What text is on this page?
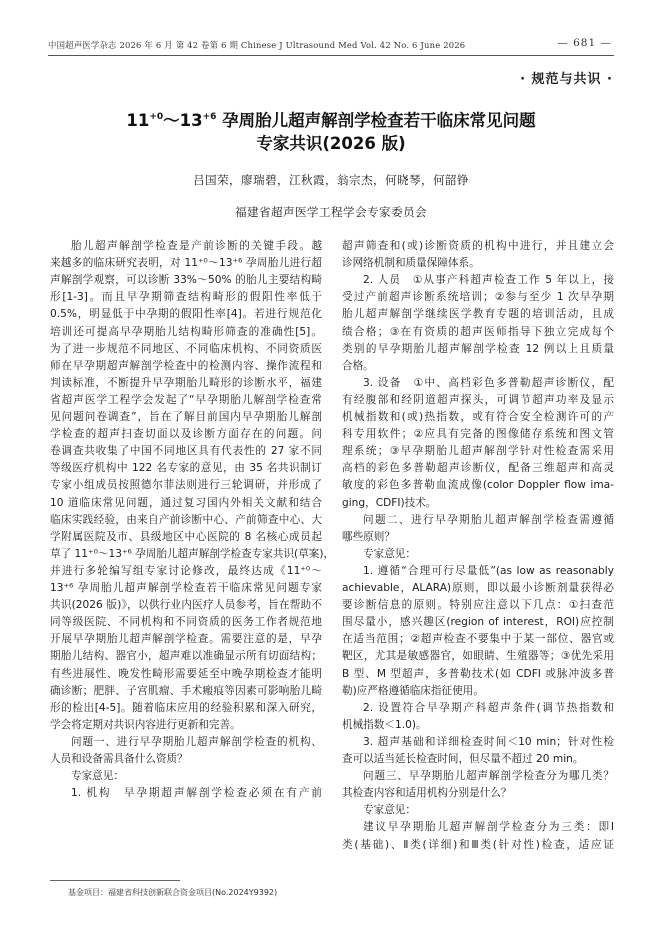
中国超声医学杂志 2026 年 6 月 第 42 卷第 6 期 Chinese J Ultrasound Med Vol. 42 No. 6 June 2026	— 681 —
· 规范与共识 ·
$11^{+0}\sim 13^{+6}$ 孕周胎儿超声解剖学检查若干临床常见问题
专家共识(2026 版)
吕国荣，廖瑞碧，江秋霞，翁宗杰，何晓琴，何韶铮
福建省超声医学工程学会专家委员会
胎儿超声解剖学检查是产前诊断的关键手段。越
来越多的临床研究表明，对 11⁺⁰～13⁺⁶ 孕周胎儿进行超
声解剖学观察，可以诊断 33%～50% 的胎儿主要结构畸
形[1-3]。而且早孕期筛查结构畸形的假阳性率低于
0.5%，明显低于中孕期的假阳性率[4]。若进行规范化
培训还可提高早孕期胎儿结构畸形筛查的准确性[5]。
为了进一步规范不同地区、不同临床机构、不同资质医
师在早孕期超声解剖学检查中的检测内容、操作流程和
判读标准，不断提升早孕期胎儿畸形的诊断水平，福建
省超声医学工程学会发起了“早孕期胎儿解剖学检查常
见问题问卷调查”，旨在了解目前国内早孕期胎儿解剖
学检查的超声扫查切面以及诊断方面存在的问题。问
卷调查共收集了中国不同地区具有代表性的 27 家不同
等级医疗机构中 122 名专家的意见，由 35 名共识制订
专家小组成员按照德尔菲法则进行三轮调研，并形成了
10 道临床常见问题，通过复习国内外相关文献和结合
临床实践经验，由来自产前诊断中心、产前筛查中心、大
学附属医院及市、县级地区中心医院的 8 名核心成员起
草了 11⁺⁰～13⁺⁶ 孕周胎儿超声解剖学检查专家共识(草案)，
并进行多轮编写组专家讨论修改，最终达成《11⁺⁰～
13⁺⁶ 孕周胎儿超声解剖学检查若干临床常见问题专家
共识(2026 版)》，以供行业内医疗人员参考，旨在帮助不
同等级医院、不同机构和不同资质的医务工作者规范地
开展早孕期胎儿超声解剖学检查。需要注意的是，早孕
期胎儿结构、器官小，超声难以准确显示所有切面结构；
有些进展性、晚发性畸形需要延至中晚孕期检查才能明
确诊断；肥胖、子宫肌瘤、手术瘢痕等因素可影响胎儿畸
形的检出[4-5]。随着临床应用的经验积累和深入研究，
学会将定期对共识内容进行更新和完善。
问题一、进行早孕期胎儿超声解剖学检查的机构、
人员和设备需具备什么资质？
专家意见：
1. 机构　早孕期超声解剖学检查必须在有产前
超声筛查和(或)诊断资质的机构中进行，并且建立会
诊网络机制和质量保障体系。
2. 人员　①从事产科超声检查工作 5 年以上，接
受过产前超声诊断系统培训；②参与至少 1 次早孕期
胎儿超声解剖学继续医学教育专题的培训活动，且成
绩合格；③在有资质的超声医师指导下独立完成每个
类别的早孕期胎儿超声解剖学检查 12 例以上且质量
合格。
3. 设备　①中、高档彩色多普勒超声诊断仪，配
有经腹部和经阴道超声探头，可调节超声功率及显示
机械指数和(或)热指数，或有符合安全检测许可的产
科专用软件；②应具有完备的图像储存系统和图文管
理系统；③早孕期胎儿超声解剖学针对性检查需采用
高档的彩色多普勒超声诊断仪，配备三维超声和高灵
敏度的彩色多普勒血流成像(color Doppler flow ima-
ging，CDFI)技术。
问题二、进行早孕期胎儿超声解剖学检查需遵循
哪些原则？
专家意见：
1. 遵循“合理可行尽量低”(as low as reasonably
achievable，ALARA)原则，即以最小诊断剂量获得必
要诊断信息的原则。特别应注意以下几点：①扫查范
围尽量小，感兴趣区(region of interest，ROI)应控制
在适当范围；②超声检查不要集中于某一部位、器官或
靶区，尤其是敏感器官，如眼睛、生殖器等；③优先采用
B 型、M 型超声，多普勒技术(如 CDFI 或脉冲波多普
勒)应严格遵循临床指征使用。
2. 设置符合早孕期产科超声条件(调节热指数和
机械指数＜1.0)。
3. 超声基础和详细检查时间＜10 min；针对性检
查可以适当延长检查时间，但尽量不超过 20 min。
问题三、早孕期胎儿超声解剖学检查分为哪几类？
其检查内容和适用机构分别是什么？
专家意见：
建议早孕期胎儿超声解剖学检查分为三类：即Ⅰ
类(基础)、Ⅱ类(详细)和Ⅲ类(针对性)检查，适应证
基金项目：福建省科技创新联合资金项目(No.2024Y9392)
